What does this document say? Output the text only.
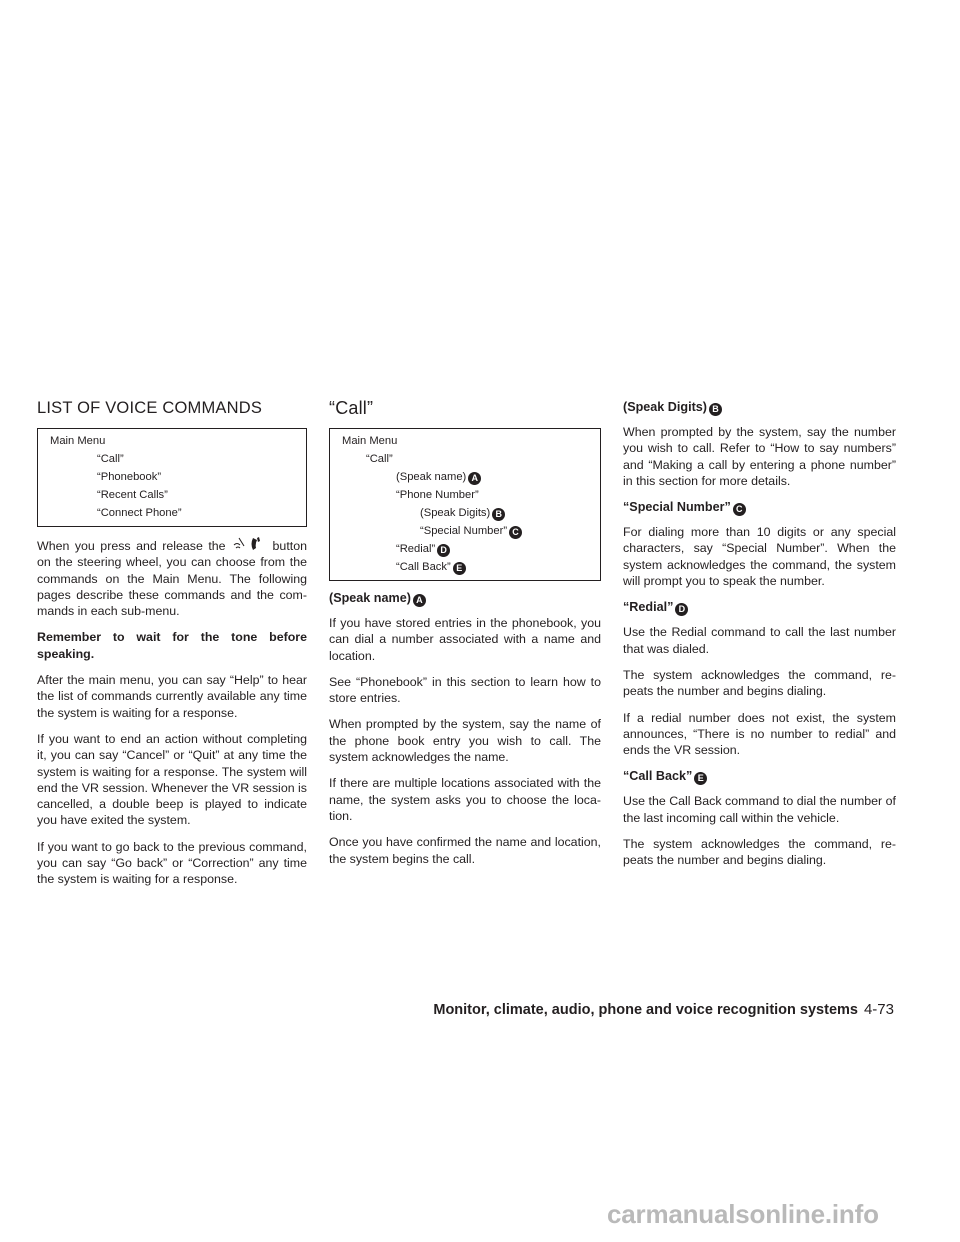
LIST OF VOICE COMMANDS
Main Menu
“Call”
“Phonebook”
“Recent Calls”
“Connect Phone”

When you press and release the	button on the steering wheel, you can choose from the commands on the Main Menu. The following pages describe these commands and the com- mands in each sub-menu.

Remember to wait for the tone before speaking.

After the main menu, you can say “Help” to hear the list of commands currently available any time the system is waiting for a response.

If you want to end an action without completing it, you can say “Cancel” or “Quit” at any time the system is waiting for a response. The system will end the VR session. Whenever the VR session is cancelled, a double beep is played to indicate you have exited the system.

If you want to go back to the previous command, you can say “Go back” or “Correction” any time the system is waiting for a response.

“Call”
Main Menu
“Call”
(Speak name) A
“Phone Number”
(Speak Digits) B
“Special Number” C
“Redial” D
“Call Back” E
(Speak name) A

If you have stored entries in the phonebook, you can dial a number associated with a name and location.

See “Phonebook” in this section to learn how to store entries.

When prompted by the system, say the name of the phone book entry you wish to call. The system acknowledges the name.

If there are multiple locations associated with the name, the system asks you to choose the loca- tion.

Once you have confirmed the name and location, the system begins the call.

(Speak Digits) B

When prompted by the system, say the number you wish to call. Refer to “How to say numbers” and “Making a call by entering a phone number” in this section for more details.

“Special Number” C

For dialing more than 10 digits or any special characters, say “Special Number”. When the system acknowledges the command, the system will prompt you to speak the number.

“Redial” D

Use the Redial command to call the last number that was dialed.

The system acknowledges the command, re- peats the number and begins dialing.

If a redial number does not exist, the system announces, “There is no number to redial” and ends the VR session.

“Call Back” E

Use the Call Back command to dial the number of the last incoming call within the vehicle.

The system acknowledges the command, re- peats the number and begins dialing.

Monitor, climate, audio, phone and voice recognition systems 4-73
carmanualsonline.info
